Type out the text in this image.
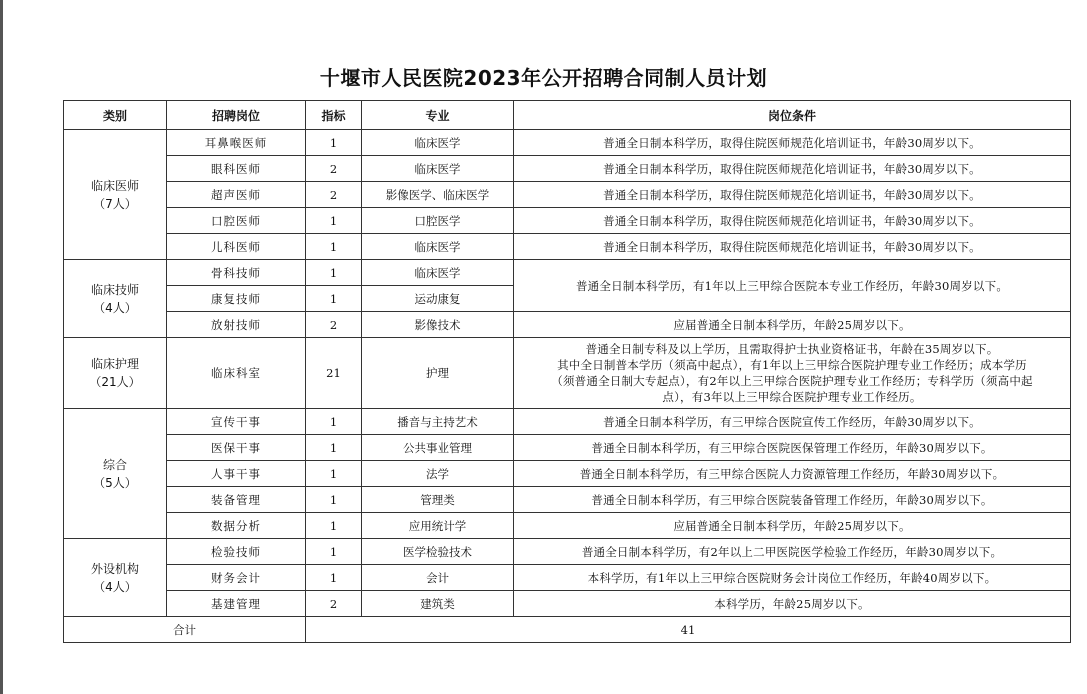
十堰市人民医院2023年公开招聘合同制人员计划
类别	招聘岗位	指标	专业	岗位条件

临床医师
（7人）	耳鼻喉医师	1	临床医学	普通全日制本科学历，取得住院医师规范化培训证书，年龄30周岁以下。
	眼科医师	2	临床医学	普通全日制本科学历，取得住院医师规范化培训证书，年龄30周岁以下。
	超声医师	2	影像医学、临床医学	普通全日制本科学历，取得住院医师规范化培训证书，年龄30周岁以下。
	口腔医师	1	口腔医学	普通全日制本科学历，取得住院医师规范化培训证书，年龄30周岁以下。
	儿科医师	1	临床医学	普通全日制本科学历，取得住院医师规范化培训证书，年龄30周岁以下。

临床技师
（4人）	骨科技师	1	临床医学	普通全日制本科学历，有1年以上三甲综合医院本专业工作经历，年龄30周岁以下。
	康复技师	1	运动康复	
	放射技师	2	影像技术	应届普通全日制本科学历，年龄25周岁以下。

临床护理
（21人）	临床科室	21	护理	普通全日制专科及以上学历，且需取得护士执业资格证书，年龄在35周岁以下。
其中全日制普本学历（须高中起点），有1年以上三甲综合医院护理专业工作经历；成本学历
（须普通全日制大专起点），有2年以上三甲综合医院护理专业工作经历；专科学历（须高中起
点），有3年以上三甲综合医院护理专业工作经历。

综合
（5人）	宣传干事	1	播音与主持艺术	普通全日制本科学历，有三甲综合医院宣传工作经历，年龄30周岁以下。
	医保干事	1	公共事业管理	普通全日制本科学历，有三甲综合医院医保管理工作经历，年龄30周岁以下。
	人事干事	1	法学	普通全日制本科学历，有三甲综合医院人力资源管理工作经历，年龄30周岁以下。
	装备管理	1	管理类	普通全日制本科学历，有三甲综合医院装备管理工作经历，年龄30周岁以下。
	数据分析	1	应用统计学	应届普通全日制本科学历，年龄25周岁以下。

外设机构
（4人）	检验技师	1	医学检验技术	普通全日制本科学历，有2年以上二甲医院医学检验工作经历，年龄30周岁以下。
	财务会计	1	会计	本科学历，有1年以上三甲综合医院财务会计岗位工作经历，年龄40周岁以下。
	基建管理	2	建筑类	本科学历，年龄25周岁以下。
合计		41		
